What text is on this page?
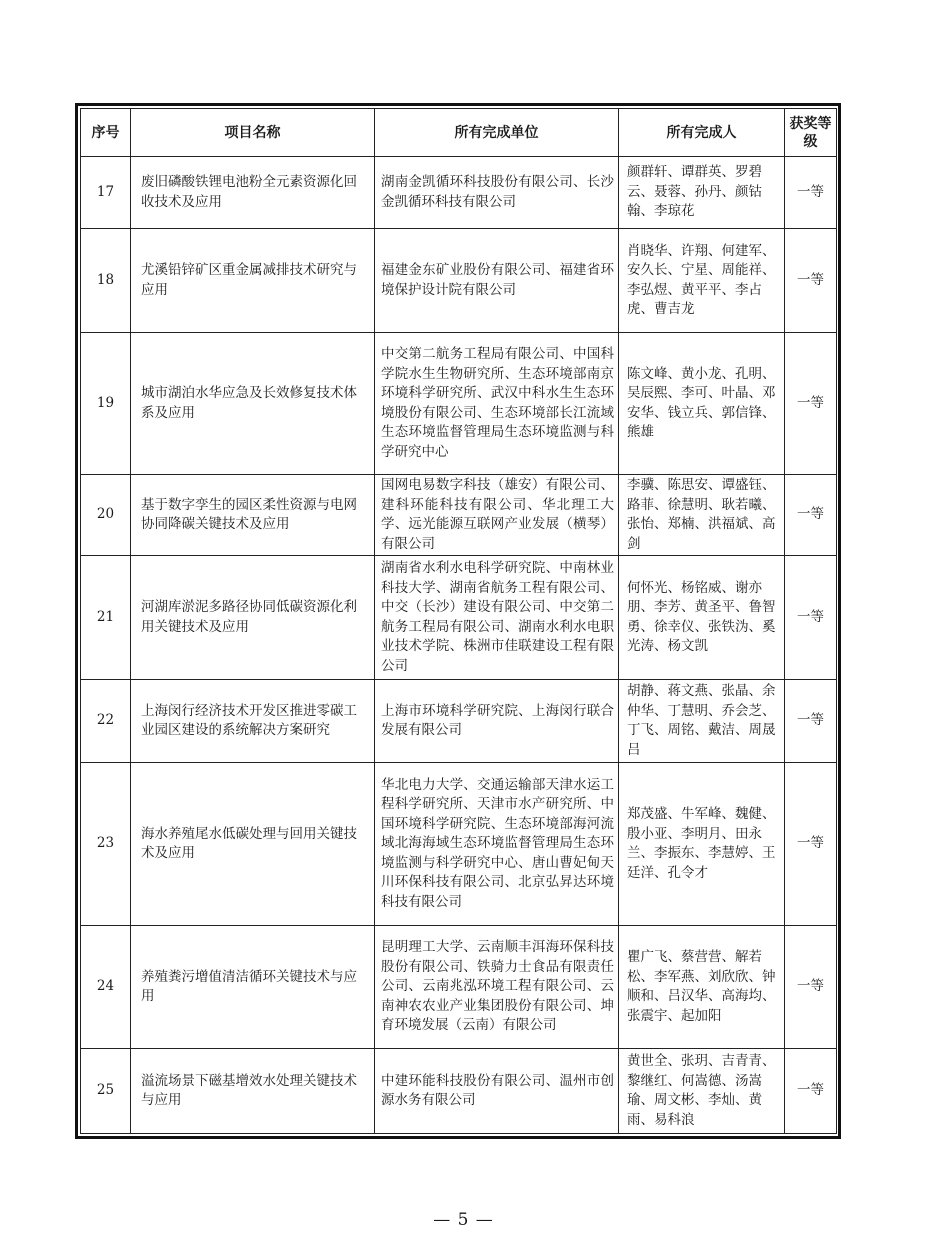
序号	项目名称	所有完成单位	所有完成人	获奖等级
17	废旧磷酸铁锂电池粉全元素资源化回收技术及应用	湖南金凯循环科技股份有限公司、长沙金凯循环科技有限公司	颜群轩、谭群英、罗碧云、聂蓉、孙丹、颜钴翰、李琼花	一等
18	尤溪铅锌矿区重金属减排技术研究与应用	福建金东矿业股份有限公司、福建省环境保护设计院有限公司	肖晓华、许翔、何建军、安久长、宁星、周能祥、李弘煜、黄平平、李占虎、曹吉龙	一等
19	城市湖泊水华应急及长效修复技术体系及应用	中交第二航务工程局有限公司、中国科学院水生生物研究所、生态环境部南京环境科学研究所、武汉中科水生生态环境股份有限公司、生态环境部长江流域生态环境监督管理局生态环境监测与科学研究中心	陈文峰、黄小龙、孔明、吴辰熙、李可、叶晶、邓安华、钱立兵、郭信锋、熊雄	一等
20	基于数字孪生的园区柔性资源与电网协同降碳关键技术及应用	国网电易数字科技（雄安）有限公司、建科环能科技有限公司、华北理工大学、远光能源互联网产业发展（横琴）有限公司	李骥、陈思安、谭盛钰、路菲、徐慧明、耿若曦、张怡、郑楠、洪福斌、高剑	一等
21	河湖库淤泥多路径协同低碳资源化利用关键技术及应用	湖南省水利水电科学研究院、中南林业科技大学、湖南省航务工程有限公司、中交（长沙）建设有限公司、中交第二航务工程局有限公司、湖南水利水电职业技术学院、株洲市佳联建设工程有限公司	何怀光、杨铭威、谢亦朋、李芳、黄圣平、鲁智勇、徐幸仪、张铁沩、奚光涛、杨文凯	一等
22	上海闵行经济技术开发区推进零碳工业园区建设的系统解决方案研究	上海市环境科学研究院、上海闵行联合发展有限公司	胡静、蒋文燕、张晶、余仲华、丁慧明、乔会芝、丁飞、周铭、戴洁、周晟吕	一等
23	海水养殖尾水低碳处理与回用关键技术及应用	华北电力大学、交通运输部天津水运工程科学研究所、天津市水产研究所、中国环境科学研究院、生态环境部海河流域北海海域生态环境监督管理局生态环境监测与科学研究中心、唐山曹妃甸天川环保科技有限公司、北京弘昇达环境科技有限公司	郑茂盛、牛军峰、魏健、殷小亚、李明月、田永兰、李振东、李慧婷、王廷洋、孔令才	一等
24	养殖粪污增值清洁循环关键技术与应用	昆明理工大学、云南顺丰洱海环保科技股份有限公司、铁骑力士食品有限责任公司、云南兆泓环境工程有限公司、云南神农农业产业集团股份有限公司、坤育环境发展（云南）有限公司	瞿广飞、蔡营营、解若松、李军燕、刘欣欣、钟顺和、吕汉华、高海均、张震宇、起加阳	一等
25	溢流场景下磁基增效水处理关键技术与应用	中建环能科技股份有限公司、温州市创源水务有限公司	黄世全、张玥、吉青青、黎继红、何嵩德、汤嵩瑜、周文彬、李灿、黄雨、易科浪	一等
— 5 —
